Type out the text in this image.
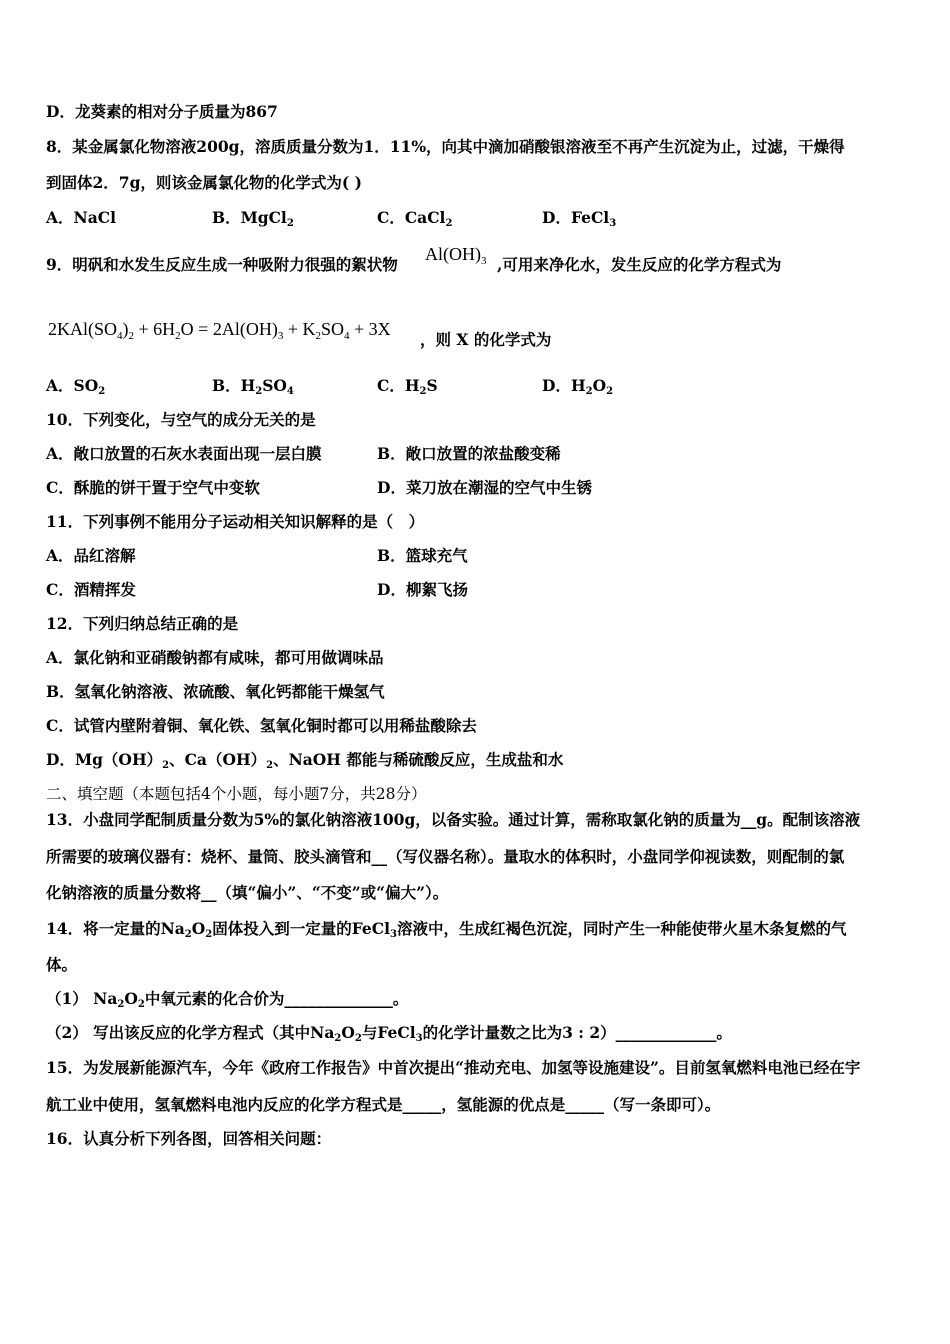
D．龙葵素的相对分子质量为867
8．某金属氯化物溶液200g，溶质质量分数为1．11%，向其中滴加硝酸银溶液至不再产生沉淀为止，过滤，干燥得
到固体2．7g，则该金属氯化物的化学式为( )
A．NaCl	B．MgCl$_2$	C．CaCl$_2$	D．FeCl$_3$
9．明矾和水发生反应生成一种吸附力很强的絮状物
$Al(OH)_3$ ,可用来净化水，发生反应的化学方程式为
$2KAl(SO_4)_2 + 6H_2O = 2Al(OH)_3 + K_2SO_4 + 3X$
，则 X 的化学式为
A．$SO_2$	B．$H_2SO_4$	C．$H_2S$	D．$H_2O_2$
10．下列变化，与空气的成分无关的是
A．敞口放置的石灰水表面出现一层白膜	B．敞口放置的浓盐酸变稀
C．酥脆的饼干置于空气中变软	D．菜刀放在潮湿的空气中生锈
11．下列事例不能用分子运动相关知识解释的是（　）
A．品红溶解	B．篮球充气
C．酒精挥发	D．柳絮飞扬
12．下列归纳总结正确的是
A．氯化钠和亚硝酸钠都有咸味，都可用做调味品
B．氢氧化钠溶液、浓硫酸、氧化钙都能干燥氢气
C．试管内壁附着铜、氧化铁、氢氧化铜时都可以用稀盐酸除去
D．$Mg(OH)_2$、$Ca(OH)_2$、NaOH 都能与稀硫酸反应，生成盐和水
二、填空题（本题包括4个小题，每小题7分，共28分）
13．小盘同学配制质量分数为5%的氯化钠溶液100g，以备实验。通过计算，需称取氯化钠的质量为__g。配制该溶液
所需要的玻璃仪器有：烧杯、量筒、胶头滴管和__（写仪器名称）。量取水的体积时，小盘同学仰视读数，则配制的氯
化钠溶液的质量分数将__（填“偏小”、“不变”或“偏大”）。
14．将一定量的$Na_2O_2$固体投入到一定量的FeCl$_3$溶液中，生成红褐色沉淀，同时产生一种能使带火星木条复燃的气
体。
（1） $Na_2O_2$中氧元素的化合价为______________。
（2） 写出该反应的化学方程式（其中$Na_2O_2$与FeCl$_3$的化学计量数之比为3 : 2）_____________。
15．为发展新能源汽车，今年《政府工作报告》中首次提出“推动充电、加氢等设施建设”。目前氢氧燃料电池已经在宇
航工业中使用，氢氧燃料电池内反应的化学方程式是_____，氢能源的优点是_____（写一条即可）。
16．认真分析下列各图，回答相关问题：
